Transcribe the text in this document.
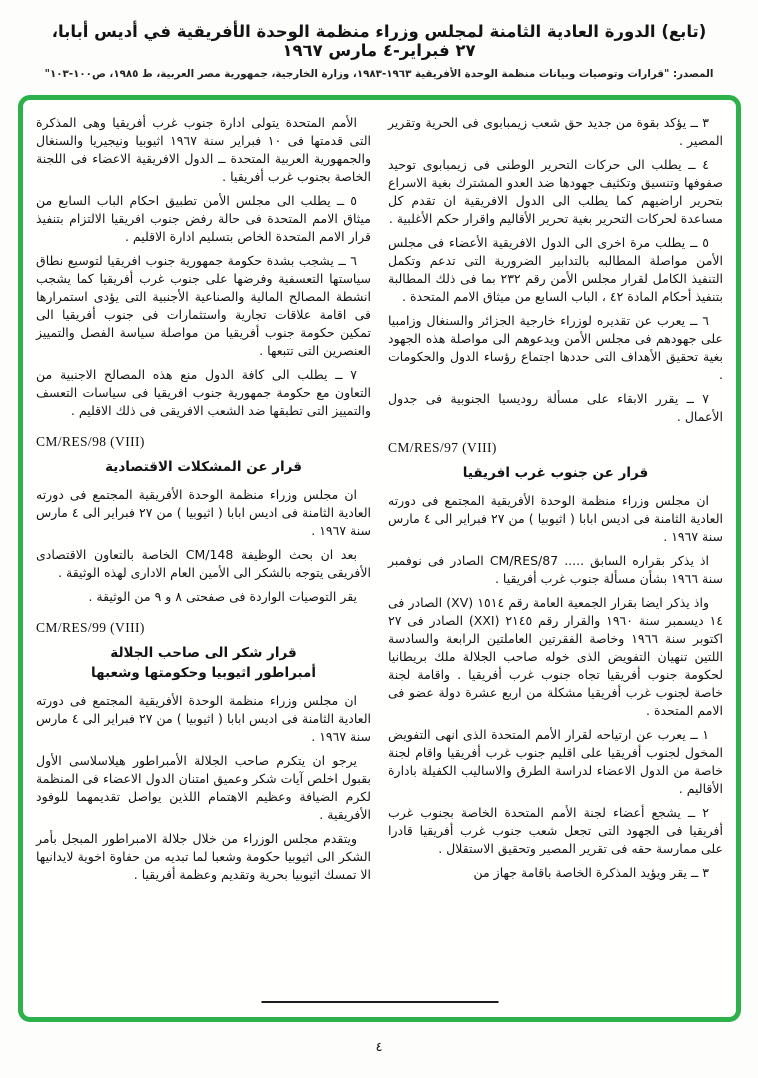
(تابع) الدورة العادية الثامنة لمجلس وزراء منظمة الوحدة الأفريقية في أديس أبابا، ٢٧ فبراير-٤ مارس ١٩٦٧
المصدر: "قرارات وتوصيات وبيانات منظمة الوحدة الأفريقية ١٩٦٣-١٩٨٣، وزارة الخارجية، جمهورية مصر العربية، ط ١٩٨٥، ص١٠٠-١٠٣"

٣ ــ يؤكد بقوة من جديد حق شعب زيمبابوى فى الحرية وتقرير المصير .

٤ ــ يطلب الى حركات التحرير الوطنى فى زيمبابوى توحيد صفوفها وتنسيق وتكثيف جهودها ضد العدو المشترك بغية الاسراع بتحرير اراضيهم كما يطلب الى الدول الافريقية ان تقدم كل مساعدة لحركات التحرير بغية تحرير الأقاليم واقرار حكم الأغلبية .

٥ ــ يطلب مرة اخرى الى الدول الافريقية الأعضاء فى مجلس الأمن مواصلة المطالبه بالتدابير الضرورية التى تدعم وتكمل التنفيذ الكامل لقرار مجلس الأمن رقم ٢٣٢ بما فى ذلك المطالبة بتنفيذ أحكام المادة ٤٢ ، الباب السابع من ميثاق الامم المتحدة .

٦ ــ يعرب عن تقديره لوزراء خارجية الجزائر والسنغال وزامبيا على جهودهم فى مجلس الأمن ويدعوهم الى مواصلة هذه الجهود بغية تحقيق الأهداف التى حددها اجتماع رؤساء الدول والحكومات .

٧ ــ يقرر الابقاء على مسألة روديسيا الجنوبية فى جدول الأعمال .

CM/RES/97 (VIII)
قرار عن جنوب غرب افريقيا

ان مجلس وزراء منظمة الوحدة الأفريقية المجتمع فى دورته العادية الثامنة فى اديس ابابا ( اثيوبيا ) من ٢٧ فبراير الى ٤ مارس سنة ١٩٦٧ .

اذ يذكر بقراره السابق ..... CM/RES/87 الصادر فى نوفمبر سنة ١٩٦٦ بشأن مسألة جنوب غرب أفريقيا .

واذ يذكر ايضا بقرار الجمعية العامة رقم ١٥١٤ (XV) الصادر فى ١٤ ديسمبر سنة ١٩٦٠ والقرار رقم ٢١٤٥ (XXI) الصادر فى ٢٧ اكتوبر سنة ١٩٦٦ وخاصة الفقرتين العاملتين الرابعة والسادسة اللتين تنهيان التفويض الذى خوله صاحب الجلالة ملك بريطانيا لحكومة جنوب أفريقيا تجاه جنوب غرب أفريقيا . واقامة لجنة خاصة لجنوب غرب أفريقيا مشكلة من اربع عشرة دولة عضو فى الامم المتحدة .

١ ــ يعرب عن ارتياحه لقرار الأمم المتحدة الذى انهى التفويض المخول لجنوب أفريقيا على اقليم جنوب غرب أفريقيا واقام لجنة خاصة من الدول الاعضاء لدراسة الطرق والاساليب الكفيلة بادارة الأقاليم .

٢ ــ يشجع أعضاء لجنة الأمم المتحدة الخاصة بجنوب غرب أفريقيا فى الجهود التى تجعل شعب جنوب غرب أفريقيا قادرا على ممارسة حقه فى تقرير المصير وتحقيق الاستقلال .

٣ ــ يقر ويؤيد المذكرة الخاصة باقامة جهاز من

الأمم المتحدة يتولى ادارة جنوب غرب أفريقيا وهى المذكرة التى قدمتها فى ١٠ فبراير سنة ١٩٦٧ اثيوبيا ونيجيريا والسنغال والجمهورية العربية المتحدة ــ الدول الافريقية الاعضاء فى اللجنة الخاصة بجنوب غرب أفريقيا .

٥ ــ يطلب الى مجلس الأمن تطبيق احكام الباب السابع من ميثاق الامم المتحدة فى حالة رفض جنوب افريقيا الالتزام بتنفيذ قرار الامم المتحدة الخاص بتسليم ادارة الاقليم .

٦ ــ يشجب بشدة حكومة جمهورية جنوب افريقيا لتوسيع نطاق سياستها التعسفية وفرضها على جنوب غرب أفريقيا كما يشجب انشطة المصالح المالية والصناعية الأجنبية التى يؤدى استمرارها فى اقامة علاقات تجارية واستثمارات فى جنوب أفريقيا الى تمكين حكومة جنوب أفريقيا من مواصلة سياسة الفصل والتمييز العنصرين التى تتبعها .

٧ ــ يطلب الى كافة الدول منع هذه المصالح الاجنبية من التعاون مع حكومة جمهورية جنوب افريقيا فى سياسات التعسف والتمييز التى تطبقها ضد الشعب الافريقى فى ذلك الاقليم .

CM/RES/98 (VIII)
قرار عن المشكلات الاقتصادية

ان مجلس وزراء منظمة الوحدة الأفريقية المجتمع فى دورته العادية الثامنة فى اديس ابابا ( اثيوبيا ) من ٢٧ فبراير الى ٤ مارس سنة ١٩٦٧ .

بعد ان بحث الوظيفة CM/148 الخاصة بالتعاون الاقتصادى الأفريقى يتوجه بالشكر الى الأمين العام الادارى لهذه الوثيقة .

يقر التوصيات الواردة فى صفحتى ٨ و ٩ من الوثيقة .

CM/RES/99 (VIII)
قرار شكر الى صاحب الجلالة
أمبراطور اثيوبيا وحكومتها وشعبها

ان مجلس وزراء منظمة الوحدة الأفريقية المجتمع فى دورته العادية الثامنة فى اديس ابابا ( اثيوبيا ) من ٢٧ فبراير الى ٤ مارس سنة ١٩٦٧ .

يرجو ان يتكرم صاحب الجلالة الأمبراطور هيلاسلاسى الأول بقبول اخلص آيات شكر وعميق امتنان الدول الاعضاء فى المنظمة لكرم الضيافة وعظيم الاهتمام اللذين يواصل تقديمهما للوفود الأفريقية .

ويتقدم مجلس الوزراء من خلال جلالة الامبراطور المبجل بأمر الشكر الى اثيوبيا حكومة وشعبا لما تبديه من حفاوة اخوية لايدانيها الا تمسك اثيوبيا بحرية وتقديم وعظمة أفريقيا .

٤
